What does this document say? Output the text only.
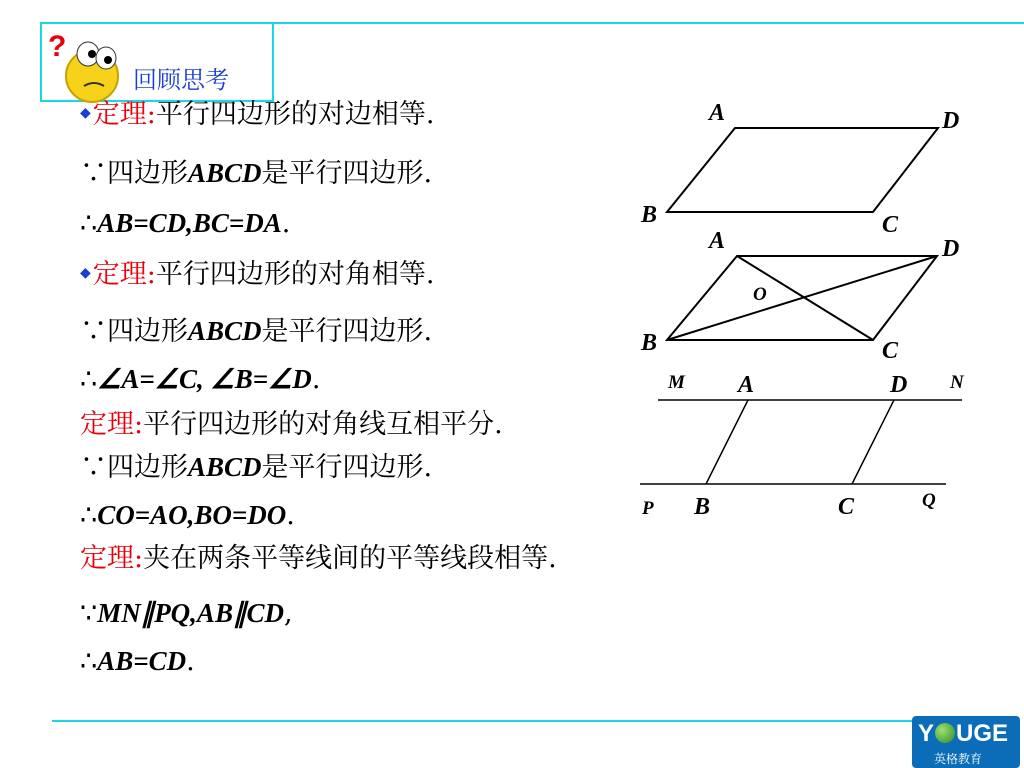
?
回顾思考
◆定理:平行四边形的对边相等.
∵四边形ABCD是平行四边形.
∴AB=CD,BC=DA.
◆定理:平行四边形的对角相等.
∵四边形ABCD是平行四边形.
∴∠A=∠C, ∠B=∠D.
定理:平行四边形的对角线互相平分.
∵四边形ABCD是平行四边形.
∴CO=AO,BO=DO.
定理:夹在两条平等线间的平等线段相等.
∵MN∥PQ,AB∥CD,
∴AB=CD.
A	D
B	C
A	D
O
B	C
M A	D N
P B	C	Q
Y UGE
英格教育
